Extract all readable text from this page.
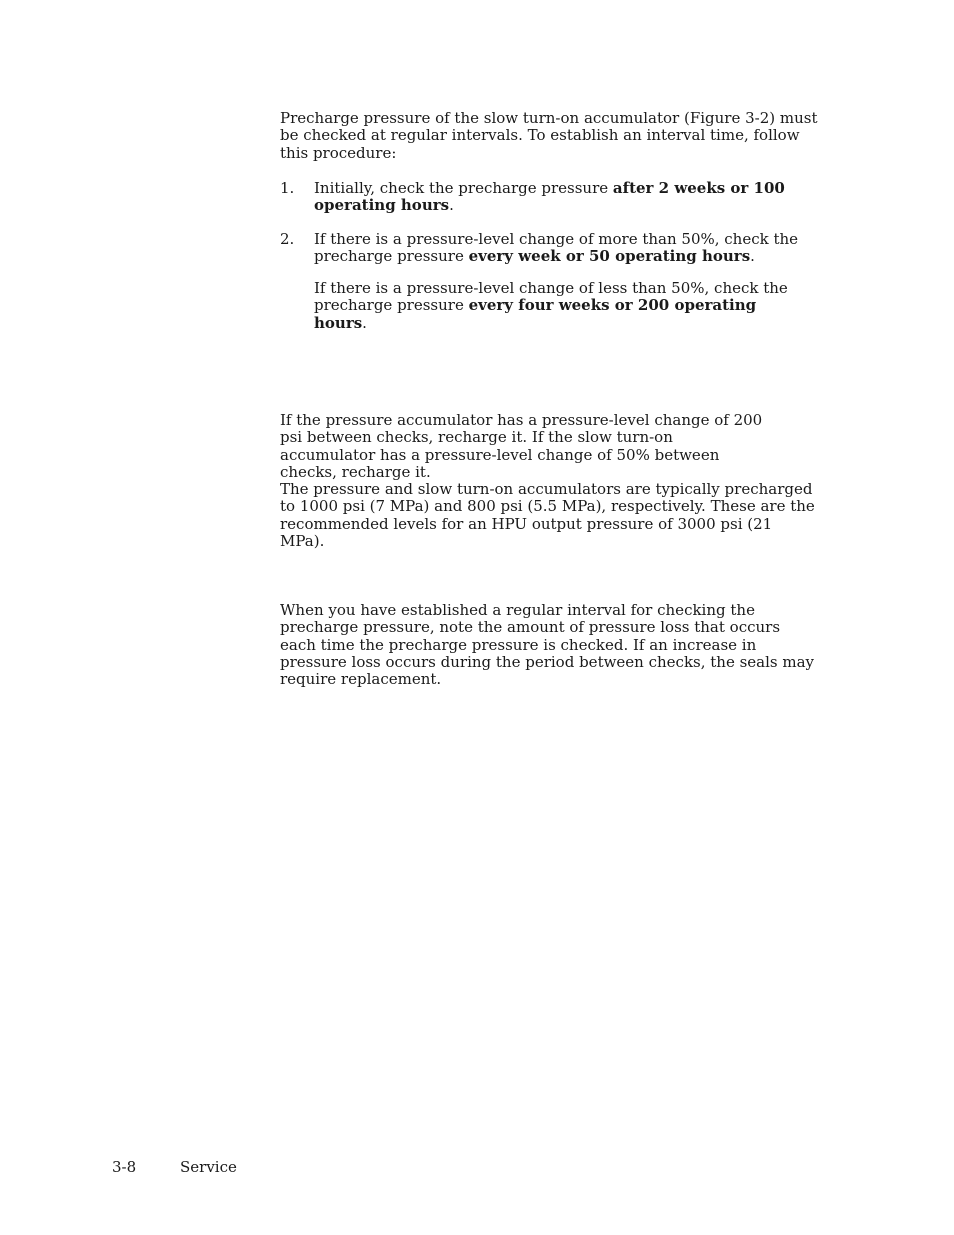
Precharge pressure of the slow turn-on accumulator (Figure 3-2) must be checked at regular intervals. To establish an interval time, follow this procedure:

1. Initially, check the precharge pressure after 2 weeks or 100 operating hours.
2. If there is a pressure-level change of more than 50%, check the precharge pressure every week or 50 operating hours.

If there is a pressure-level change of less than 50%, check the precharge pressure every four weeks or 200 operating hours.

If the pressure accumulator has a pressure-level change of 200 psi between checks, recharge it. If the slow turn-on accumulator has a pressure-level change of 50% between checks, recharge it.

The pressure and slow turn-on accumulators are typically precharged to 1000 psi (7 MPa) and 800 psi (5.5 MPa), respectively. These are the recommended levels for an HPU output pressure of 3000 psi (21 MPa).

When you have established a regular interval for checking the precharge pressure, note the amount of pressure loss that occurs each time the precharge pressure is checked. If an increase in pressure loss occurs during the period between checks, the seals may require replacement.

3-8	Service
